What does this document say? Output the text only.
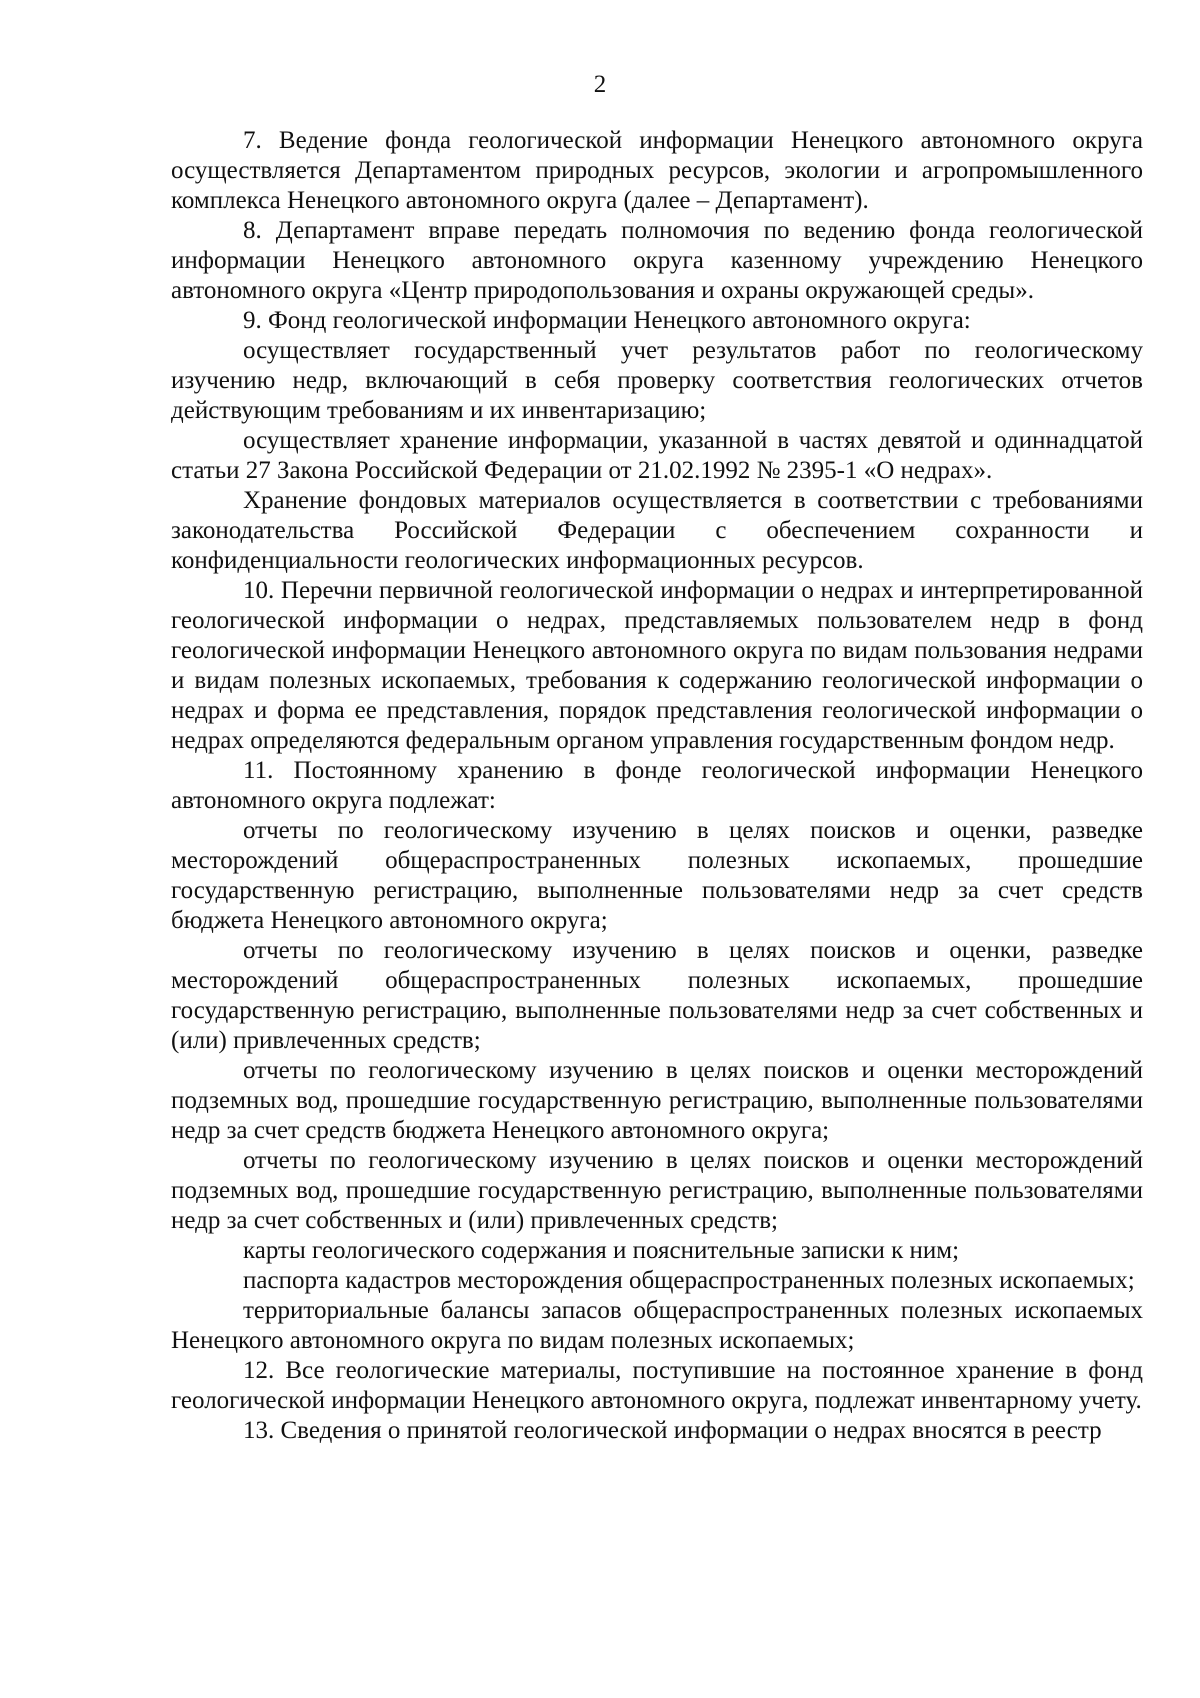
2

7. Ведение фонда геологической информации Ненецкого автономного округа осуществляется Департаментом природных ресурсов, экологии и агропромышленного комплекса Ненецкого автономного округа (далее – Департамент).

8. Департамент вправе передать полномочия по ведению фонда геологической информации Ненецкого автономного округа казенному учреждению Ненецкого автономного округа «Центр природопользования и охраны окружающей среды».

9. Фонд геологической информации Ненецкого автономного округа:

осуществляет государственный учет результатов работ по геологическому изучению недр, включающий в себя проверку соответствия геологических отчетов действующим требованиям и их инвентаризацию;

осуществляет хранение информации, указанной в частях девятой и одиннадцатой статьи 27 Закона Российской Федерации от 21.02.1992 № 2395-1 «О недрах».

Хранение фондовых материалов осуществляется в соответствии с требованиями законодательства Российской Федерации с обеспечением сохранности и конфиденциальности геологических информационных ресурсов.

10. Перечни первичной геологической информации о недрах и интерпретированной геологической информации о недрах, представляемых пользователем недр в фонд геологической информации Ненецкого автономного округа по видам пользования недрами и видам полезных ископаемых, требования к содержанию геологической информации о недрах и форма ее представления, порядок представления геологической информации о недрах определяются федеральным органом управления государственным фондом недр.

11. Постоянному хранению в фонде геологической информации Ненецкого автономного округа подлежат:

отчеты по геологическому изучению в целях поисков и оценки, разведке месторождений общераспространенных полезных ископаемых, прошедшие государственную регистрацию, выполненные пользователями недр за счет средств бюджета Ненецкого автономного округа;

отчеты по геологическому изучению в целях поисков и оценки, разведке месторождений общераспространенных полезных ископаемых, прошедшие государственную регистрацию, выполненные пользователями недр за счет собственных и (или) привлеченных средств;

отчеты по геологическому изучению в целях поисков и оценки месторождений подземных вод, прошедшие государственную регистрацию, выполненные пользователями недр за счет средств бюджета Ненецкого автономного округа;

отчеты по геологическому изучению в целях поисков и оценки месторождений подземных вод, прошедшие государственную регистрацию, выполненные пользователями недр за счет собственных и (или) привлеченных средств;

карты геологического содержания и пояснительные записки к ним;

паспорта кадастров месторождения общераспространенных полезных ископаемых;

территориальные балансы запасов общераспространенных полезных ископаемых Ненецкого автономного округа по видам полезных ископаемых;

12. Все геологические материалы, поступившие на постоянное хранение в фонд геологической информации Ненецкого автономного округа, подлежат инвентарному учету.

13. Сведения о принятой геологической информации о недрах вносятся в реестр
